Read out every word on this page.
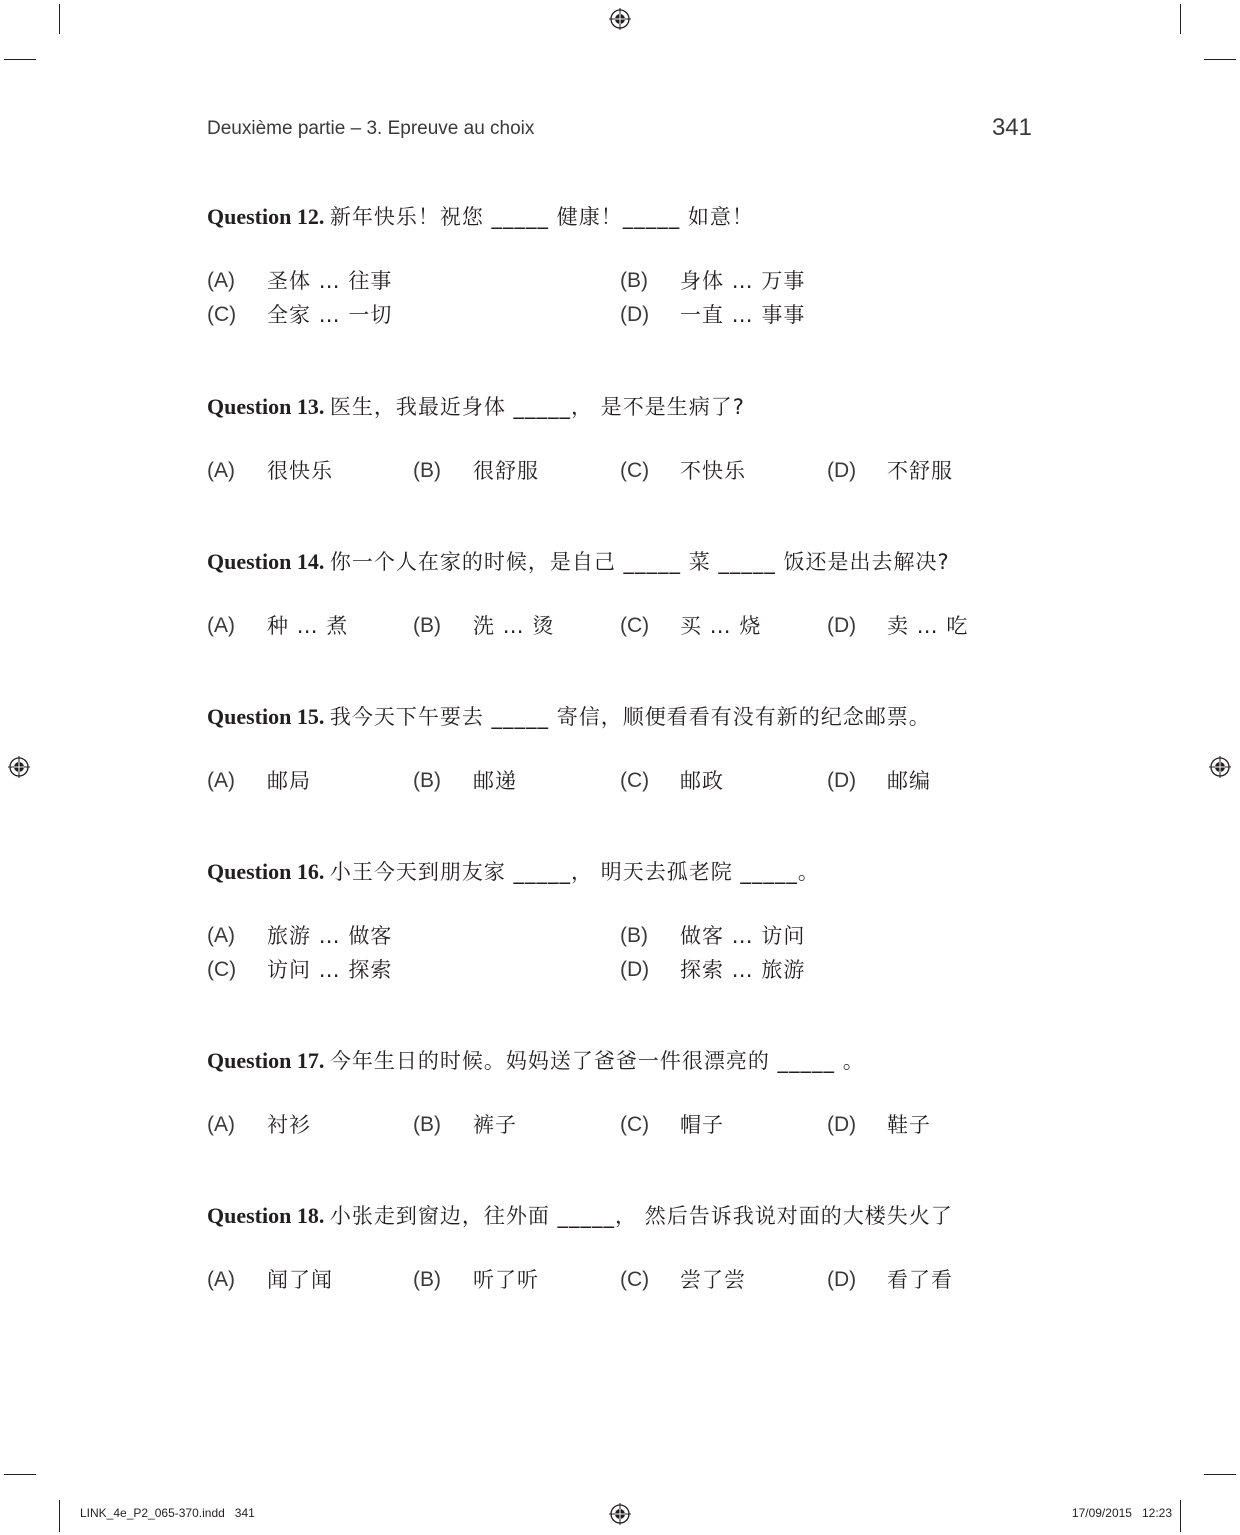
Deuxième partie – 3. Epreuve au choix	341
Question 12. 新年快乐！祝您 _____ 健康！_____ 如意！
(A) 圣体 … 往事	(B) 身体 … 万事
(C) 全家 … 一切	(D) 一直 … 事事
Question 13. 医生，我最近身体 _____， 是不是生病了?
(A) 很快乐	(B) 很舒服	(C) 不快乐	(D) 不舒服
Question 14. 你一个人在家的时候，是自己 _____ 菜 _____ 饭还是出去解决?
(A) 种 … 煮	(B) 洗 … 烫	(C) 买 … 烧	(D) 卖 … 吃
Question 15. 我今天下午要去 _____ 寄信，顺便看看有没有新的纪念邮票。
(A) 邮局	(B) 邮递	(C) 邮政	(D) 邮编
Question 16. 小王今天到朋友家 _____， 明天去孤老院 _____。
(A) 旅游 … 做客	(B) 做客 … 访问
(C) 访问 … 探索	(D) 探索 … 旅游
Question 17. 今年生日的时候。妈妈送了爸爸一件很漂亮的 _____ 。
(A) 衬衫	(B) 裤子	(C) 帽子	(D) 鞋子
Question 18. 小张走到窗边，往外面 _____， 然后告诉我说对面的大楼失火了
(A) 闻了闻	(B) 听了听	(C) 尝了尝	(D) 看了看
LINK_4e_P2_065-370.indd   341	17/09/2015   12:23
